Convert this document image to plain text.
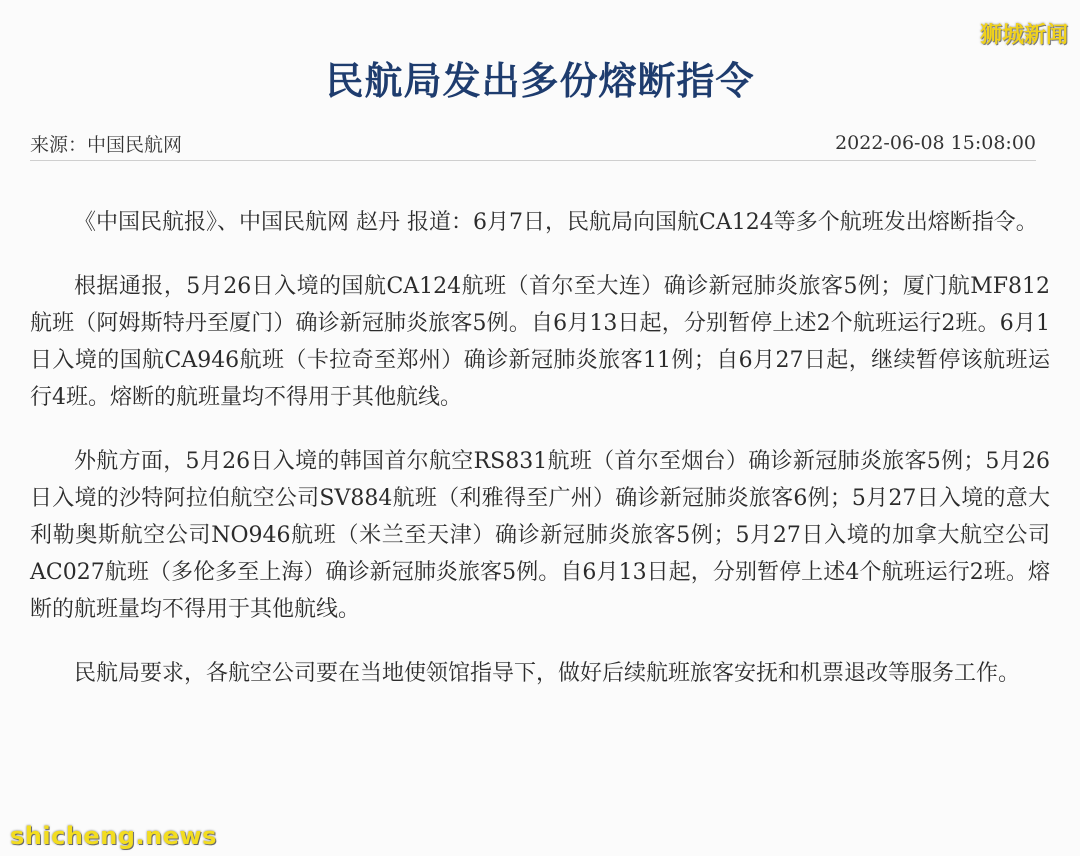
狮城新闻
民航局发出多份熔断指令
来源：中国民航网	2022-06-08 15:08:00

《中国民航报》、中国民航网 赵丹 报道：6月7日，民航局向国航CA124等多个航班发出熔断指令。

根据通报，5月26日入境的国航CA124航班（首尔至大连）确诊新冠肺炎旅客5例；厦门航MF812航班（阿姆斯特丹至厦门）确诊新冠肺炎旅客5例。自6月13日起，分别暂停上述2个航班运行2班。6月1日入境的国航CA946航班（卡拉奇至郑州）确诊新冠肺炎旅客11例；自6月27日起，继续暂停该航班运行4班。熔断的航班量均不得用于其他航线。

外航方面，5月26日入境的韩国首尔航空RS831航班（首尔至烟台）确诊新冠肺炎旅客5例；5月26日入境的沙特阿拉伯航空公司SV884航班（利雅得至广州）确诊新冠肺炎旅客6例；5月27日入境的意大利勒奥斯航空公司NO946航班（米兰至天津）确诊新冠肺炎旅客5例；5月27日入境的加拿大航空公司AC027航班（多伦多至上海）确诊新冠肺炎旅客5例。自6月13日起，分别暂停上述4个航班运行2班。熔断的航班量均不得用于其他航线。

民航局要求，各航空公司要在当地使领馆指导下，做好后续航班旅客安抚和机票退改等服务工作。

shicheng.news
